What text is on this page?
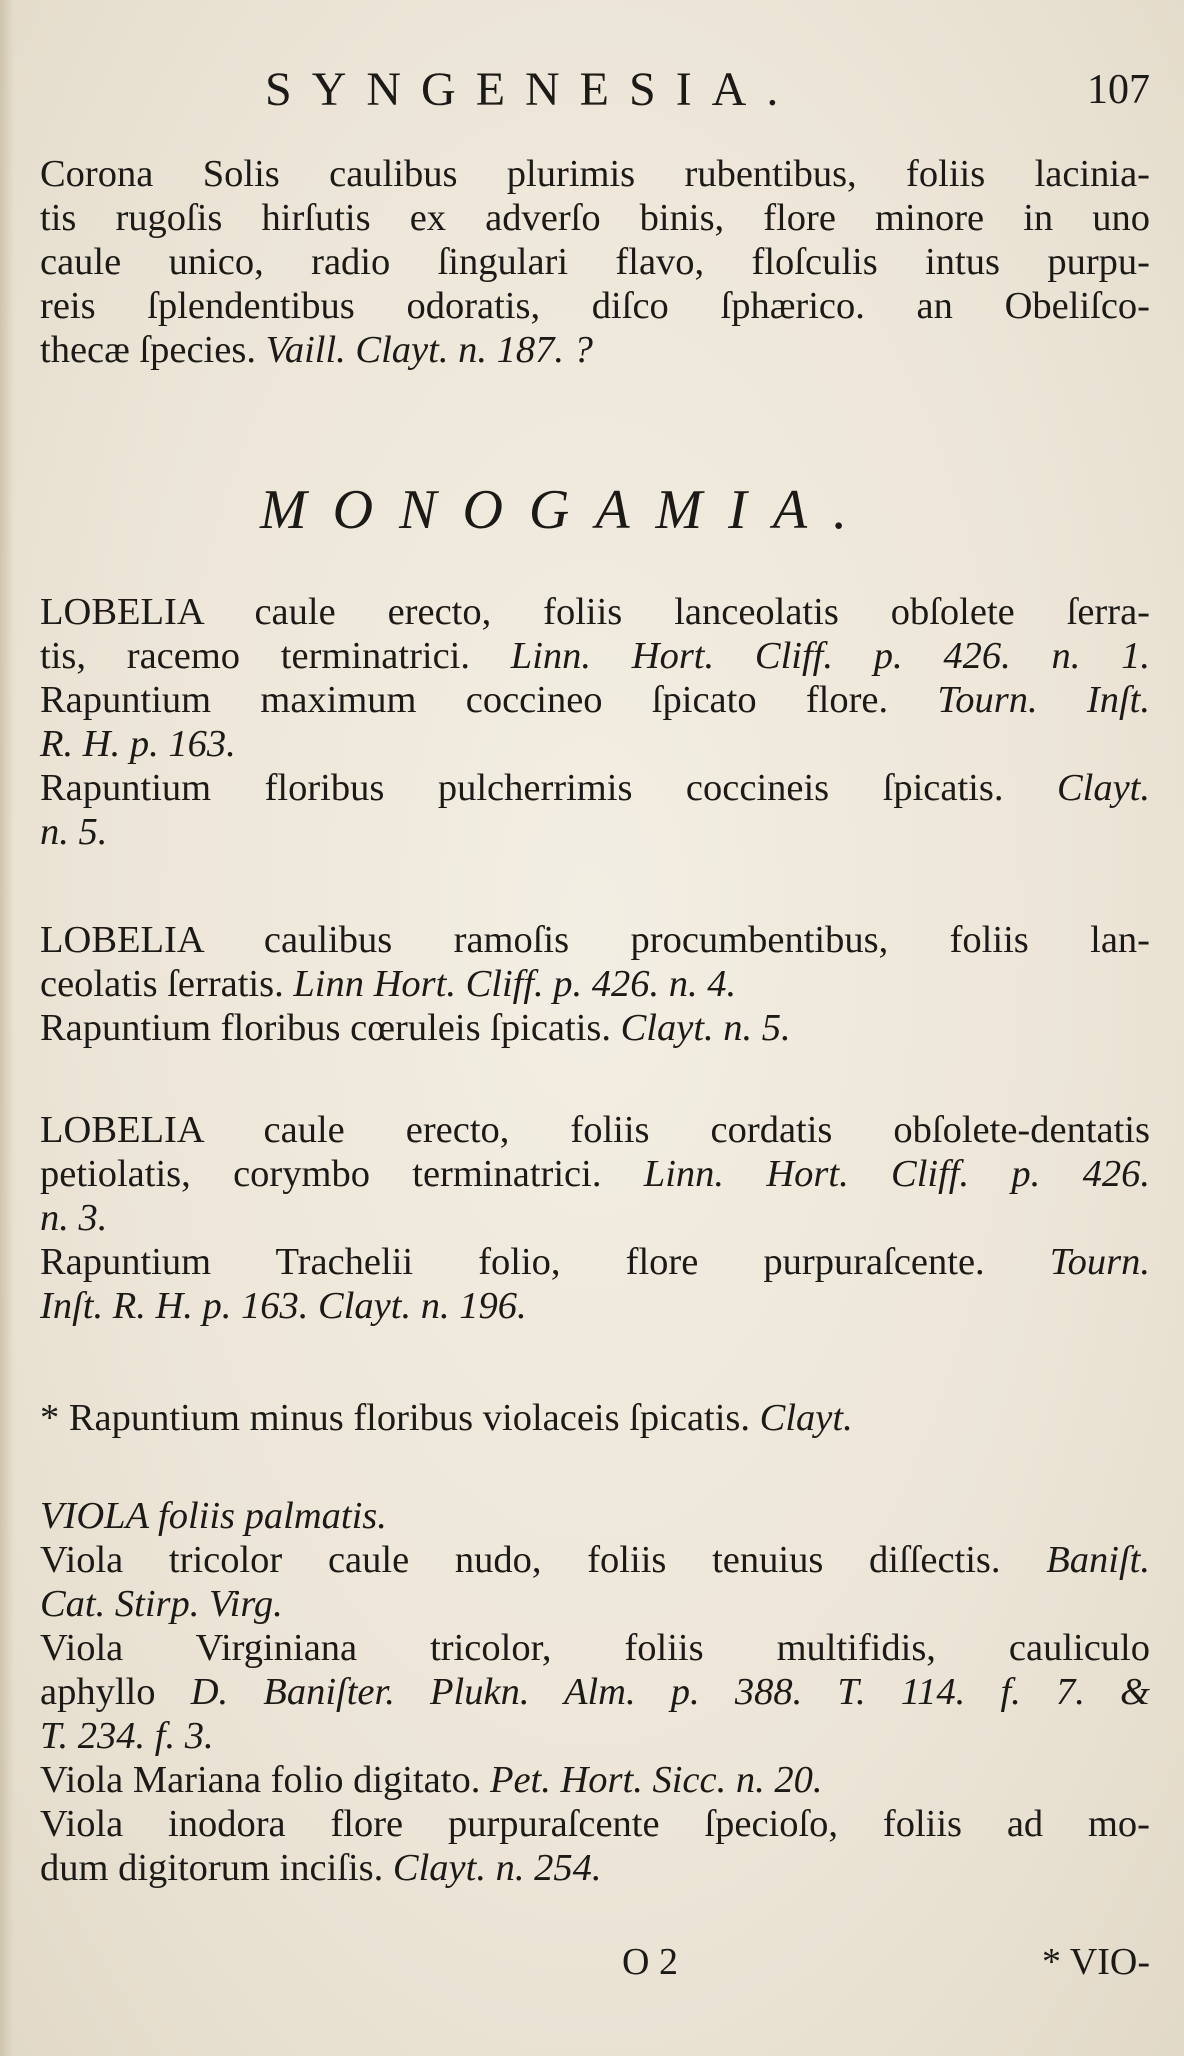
SYNGENESIA.	107
Corona Solis caulibus plurimis rubentibus, foliis lacinia-
tis rugoſis hirſutis ex adverſo binis, flore minore in uno
caule unico, radio ſingulari flavo, floſculis intus purpu-
reis ſplendentibus odoratis, diſco ſphærico. an Obeliſco-
thecæ ſpecies. Vaill. Clayt. n. 187. ?
MONOGAMIA.
LOBELIA caule erecto, foliis lanceolatis obſolete ſerra-
tis, racemo terminatrici. Linn. Hort. Cliff. p. 426. n. 1.
Rapuntium maximum coccineo ſpicato flore. Tourn. Inſt.
R. H. p. 163.
Rapuntium floribus pulcherrimis coccineis ſpicatis. Clayt.
n. 5.
LOBELIA caulibus ramoſis procumbentibus, foliis lan-
ceolatis ſerratis. Linn Hort. Cliff. p. 426. n. 4.
Rapuntium floribus cœruleis ſpicatis. Clayt. n. 5.
LOBELIA caule erecto, foliis cordatis obſolete-dentatis
petiolatis, corymbo terminatrici. Linn. Hort. Cliff. p. 426.
n. 3.
Rapuntium Trachelii folio, flore purpuraſcente. Tourn.
Inſt. R. H. p. 163. Clayt. n. 196.
* Rapuntium minus floribus violaceis ſpicatis. Clayt.
VIOLA foliis palmatis.
Viola tricolor caule nudo, foliis tenuius diſſectis. Baniſt.
Cat. Stirp. Virg.
Viola Virginiana tricolor, foliis multifidis, cauliculo
aphyllo D. Baniſter. Plukn. Alm. p. 388. T. 114. f. 7. &
T. 234. f. 3.
Viola Mariana folio digitato. Pet. Hort. Sicc. n. 20.
Viola inodora flore purpuraſcente ſpecioſo, foliis ad mo-
dum digitorum inciſis. Clayt. n. 254.
O 2	* VIO-
